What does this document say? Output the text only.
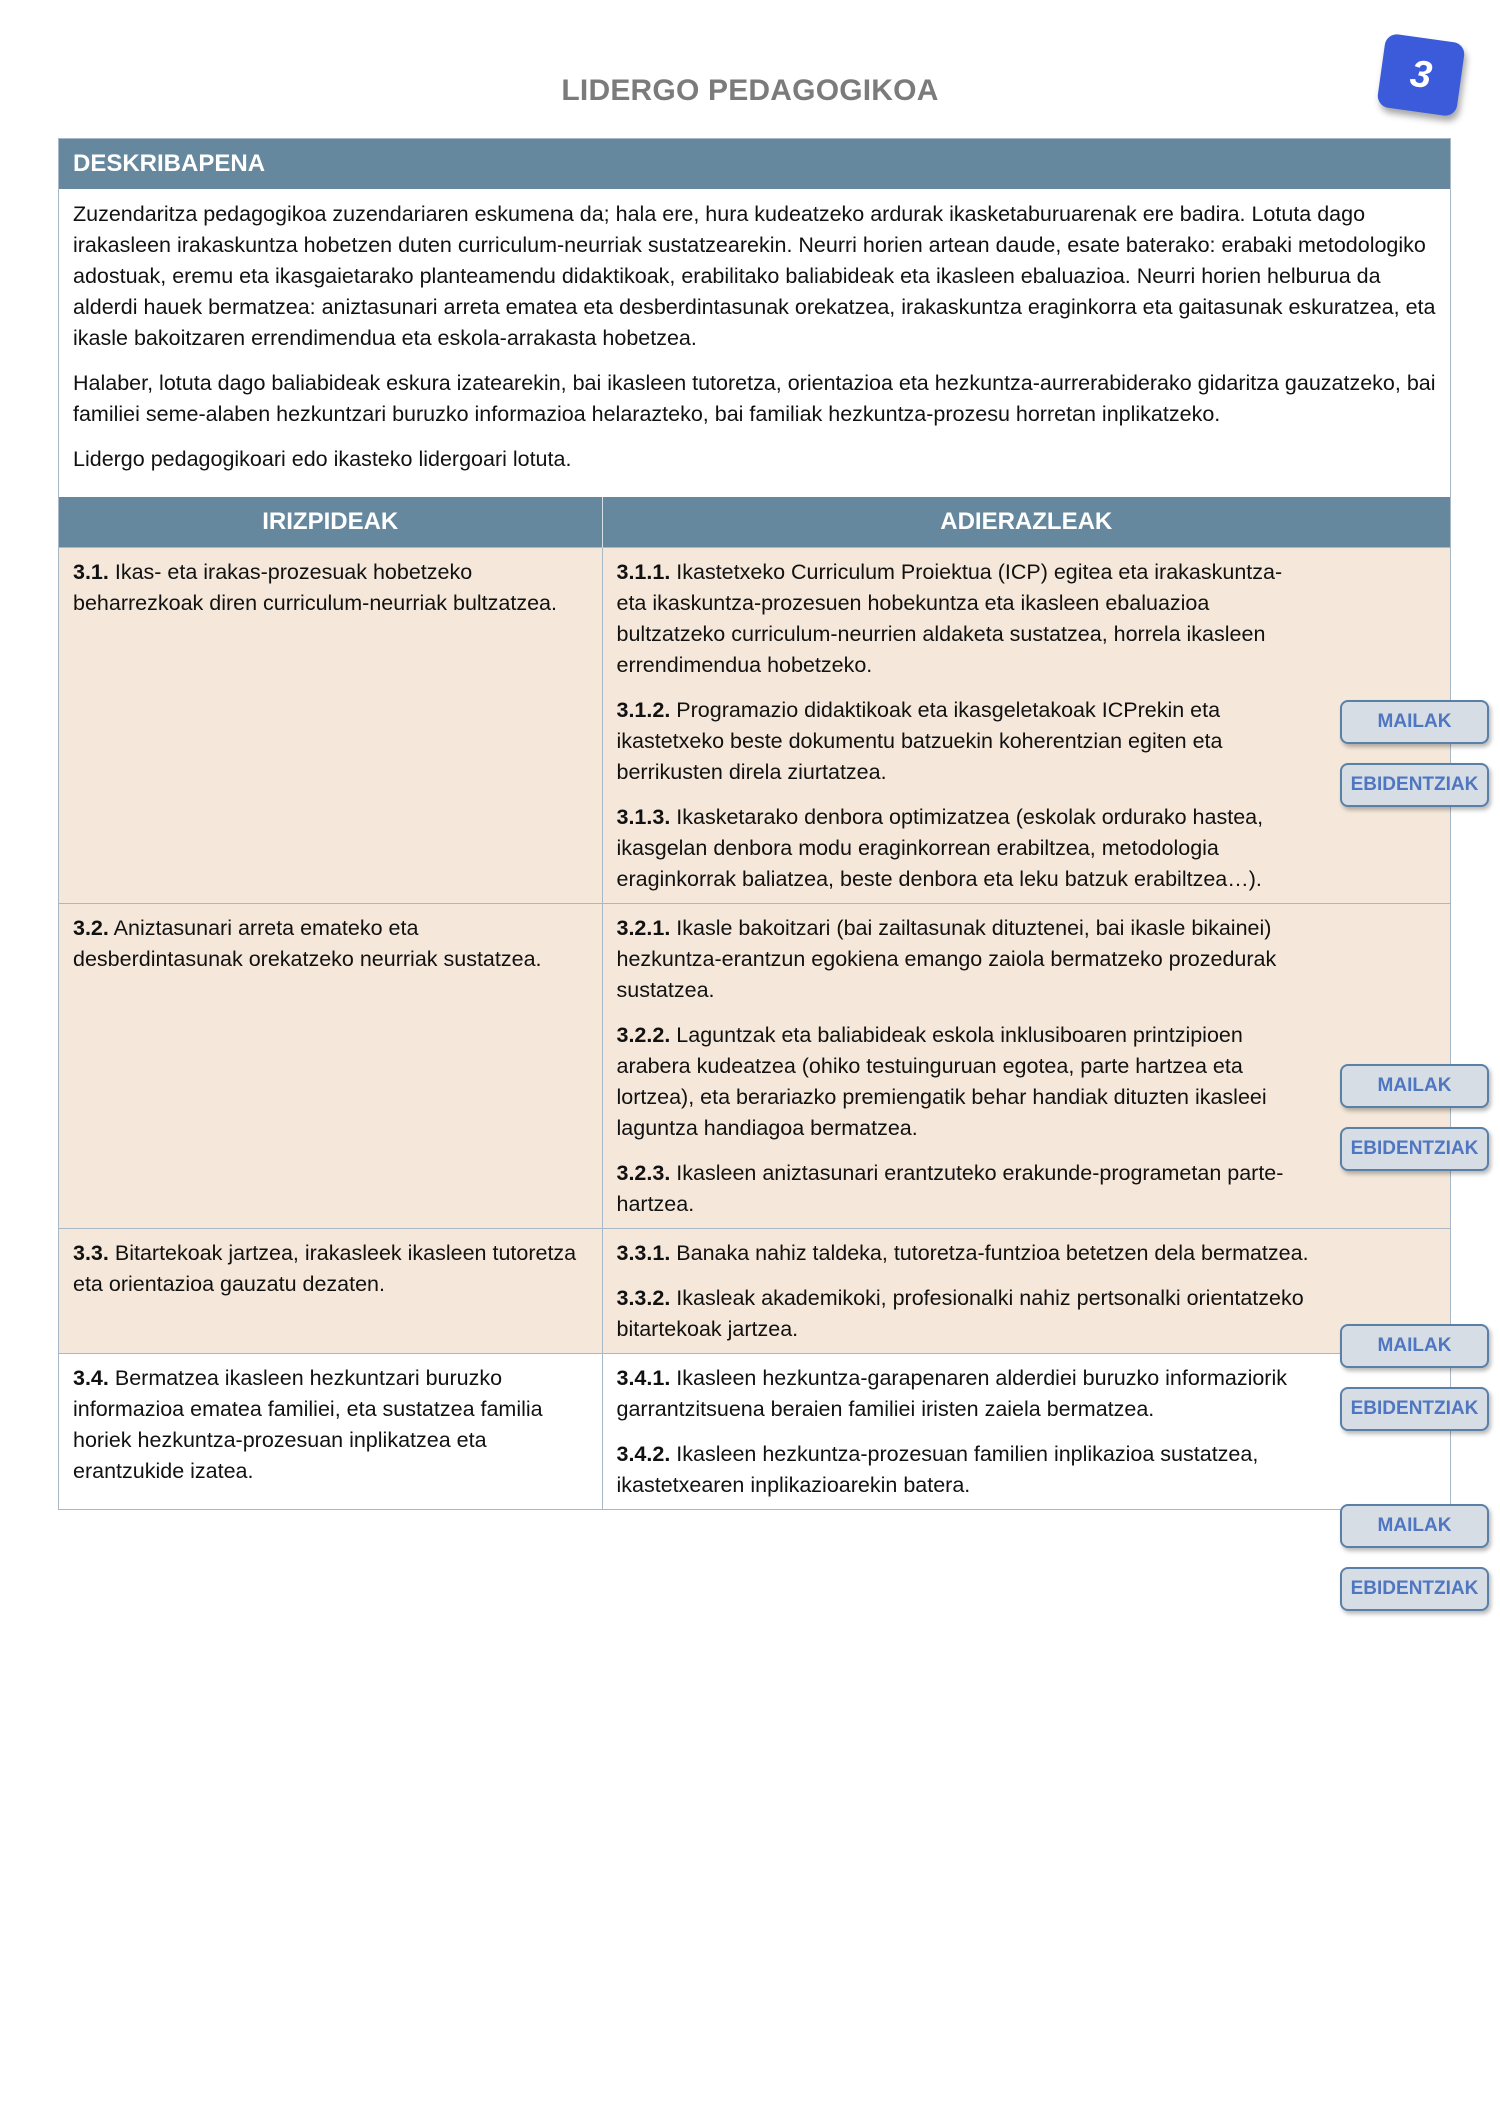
LIDERGO PEDAGOGIKOA	3
DESKRIBAPENA

Zuzendaritza pedagogikoa zuzendariaren eskumena da; hala ere, hura kudeatzeko ardurak ikasketaburuarenak ere badira. Lotuta dago irakasleen irakaskuntza hobetzen duten curriculum-neurriak sustatzearekin. Neurri horien artean daude, esate baterako: erabaki metodologiko adostuak, eremu eta ikasgaietarako planteamendu didaktikoak, erabilitako baliabideak eta ikasleen ebaluazioa. Neurri horien helburua da alderdi hauek bermatzea: aniztasunari arreta ematea eta desberdintasunak orekatzea, irakaskuntza eraginkorra eta gaitasunak eskuratzea, eta ikasle bakoitzaren errendimendua eta eskola-arrakasta hobetzea.

Halaber, lotuta dago baliabideak eskura izatearekin, bai ikasleen tutoretza, orientazioa eta hezkuntza-aurrerabiderako gidaritza gauzatzeko, bai familiei seme-alaben hezkuntzari buruzko informazioa helarazteko, bai familiak hezkuntza-prozesu horretan inplikatzeko.

Lidergo pedagogikoari edo ikasteko lidergoari lotuta.

IRIZPIDEAK	ADIERAZLEAK
3.1. Ikas- eta irakas-prozesuak hobetzeko beharrezkoak diren curriculum-neurriak bultzatzea.	3.1.1. Ikastetxeko Curriculum Proiektua (ICP) egitea eta irakaskuntza- eta ikaskuntza-prozesuen hobekuntza eta ikasleen ebaluazioa bultzatzeko curriculum-neurrien aldaketa sustatzea, horrela ikasleen errendimendua hobetzeko.
3.1.2. Programazio didaktikoak eta ikasgeletakoak ICPrekin eta ikastetxeko beste dokumentu batzuekin koherentzian egiten eta berrikusten direla ziurtatzea.
3.1.3. Ikasketarako denbora optimizatzea (eskolak ordurako hastea, ikasgelan denbora modu eraginkorrean erabiltzea, metodologia eraginkorrak baliatzea, beste denbora eta leku batzuk erabiltzea…).

3.2. Aniztasunari arreta emateko eta desberdintasunak orekatzeko neurriak sustatzea.	3.2.1. Ikasle bakoitzari (bai zailtasunak dituztenei, bai ikasle bikainei) hezkuntza-erantzun egokiena emango zaiola bermatzeko prozedurak sustatzea.
3.2.2. Laguntzak eta baliabideak eskola inklusiboaren printzipioen arabera kudeatzea (ohiko testuinguruan egotea, parte hartzea eta lortzea), eta berariazko premiengatik behar handiak dituzten ikasleei laguntza handiagoa bermatzea.
3.2.3. Ikasleen aniztasunari erantzuteko erakunde-programetan parte-hartzea.

3.3. Bitartekoak jartzea, irakasleek ikasleen tutoretza eta orientazioa gauzatu dezaten.	3.3.1. Banaka nahiz taldeka, tutoretza-funtzioa betetzen dela bermatzea.
3.3.2. Ikasleak akademikoki, profesionalki nahiz pertsonalki orientatzeko bitartekoak jartzea.

3.4. Bermatzea ikasleen hezkuntzari buruzko informazioa ematea familiei, eta sustatzea familia horiek hezkuntza-prozesuan inplikatzea eta erantzukide izatea.	3.4.1. Ikasleen hezkuntza-garapenaren alderdiei buruzko informaziorik garrantzitsuena beraien familiei iristen zaiela bermatzea.
3.4.2. Ikasleen hezkuntza-prozesuan familien inplikazioa sustatzea, ikastetxearen inplikazioarekin batera.
MAILAK
EBIDENTZIAK
MAILAK
EBIDENTZIAK
MAILAK
EBIDENTZIAK
MAILAK
EBIDENTZIAK
